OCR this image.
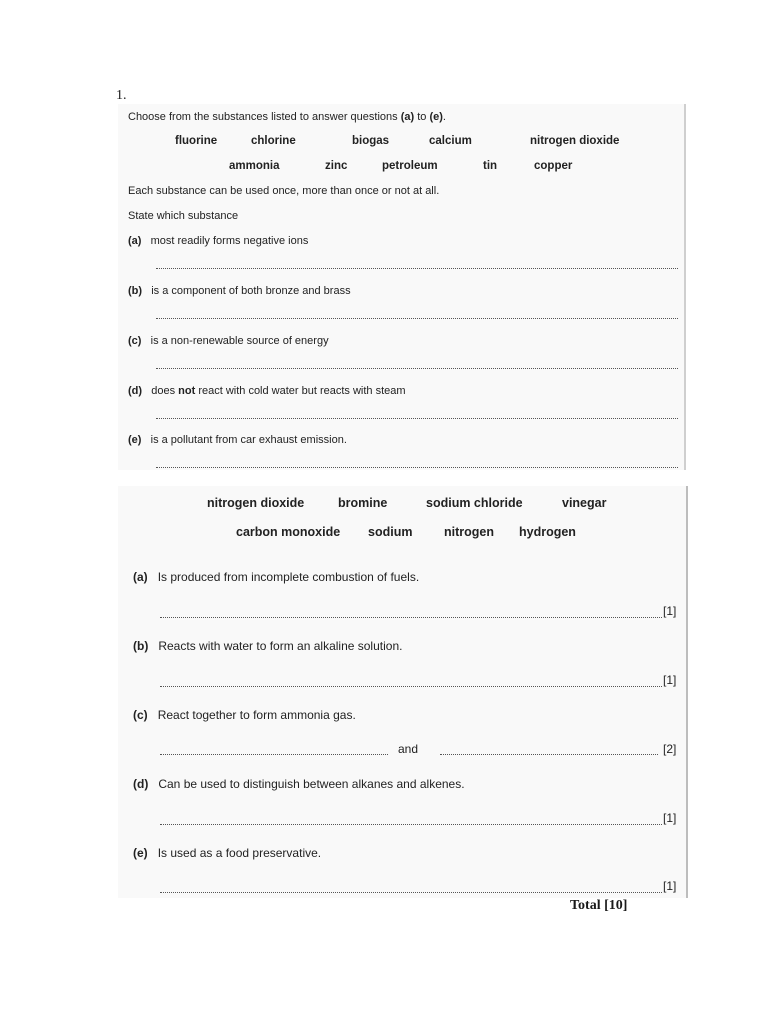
1.
Choose from the substances listed to answer questions (a) to (e).
fluorine	chlorine	biogas	calcium	nitrogen dioxide
ammonia	zinc	petroleum	tin	copper
Each substance can be used once, more than once or not at all.
State which substance
(a) most readily forms negative ions
(b) is a component of both bronze and brass
(c) is a non-renewable source of energy
(d) does not react with cold water but reacts with steam
(e) is a pollutant from car exhaust emission.
nitrogen dioxide	bromine	sodium chloride	vinegar
carbon monoxide sodium	nitrogen hydrogen
(a) Is produced from incomplete combustion of fuels.
[1]
(b) Reacts with water to form an alkaline solution.
[1]
(c) React together to form ammonia gas.
and	[2]
(d) Can be used to distinguish between alkanes and alkenes.
[1]
(e) Is used as a food preservative.
[1]
Total [10]
